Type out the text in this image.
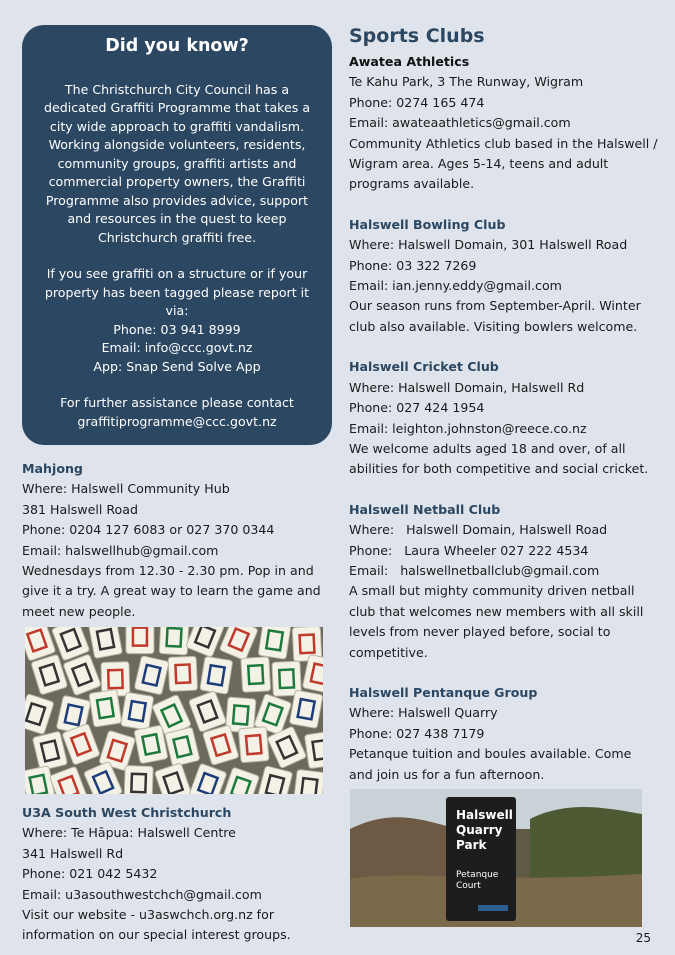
Did you know?

The Christchurch City Council has a dedicated Graffiti Programme that takes a city wide approach to graffiti vandalism. Working alongside volunteers, residents, community groups, graffiti artists and commercial property owners, the Graffiti Programme also provides advice, support and resources in the quest to keep Christchurch graffiti free.

If you see graffiti on a structure or if your property has been tagged please report it via:

Phone: 03 941 8999

Email: info@ccc.govt.nz

App: Snap Send Solve App

For further assistance please contact graffitiprogramme@ccc.govt.nz

Mahjong
Where: Halswell Community Hub
381 Halswell Road
Phone: 0204 127 6083 or 027 370 0344
Email: halswellhub@gmail.com
Wednesdays from 12.30 - 2.30 pm. Pop in and give it a try. A great way to learn the game and meet new people.
U3A South West Christchurch
Where: Te Hāpua: Halswell Centre
341 Halswell Rd
Phone: 021 042 5432
Email: u3asouthwestchch@gmail.com
Visit our website - u3aswchch.org.nz for information on our special interest groups.
Sports Clubs
Awatea Athletics
Te Kahu Park, 3 The Runway, Wigram
Phone: 0274 165 474
Email: awateaathletics@gmail.com
Community Athletics club based in the Halswell / Wigram area. Ages 5-14, teens and adult programs available.
Halswell Bowling Club
Where: Halswell Domain, 301 Halswell Road
Phone: 03 322 7269
Email: ian.jenny.eddy@gmail.com
Our season runs from September-April. Winter club also available. Visiting bowlers welcome.
Halswell Cricket Club
Where: Halswell Domain, Halswell Rd
Phone: 027 424 1954
Email: leighton.johnston@reece.co.nz
We welcome adults aged 18 and over, of all abilities for both competitive and social cricket.
Halswell Netball Club
Where:   Halswell Domain, Halswell Road
Phone:   Laura Wheeler 027 222 4534
Email:   halswellnetballclub@gmail.com
A small but mighty community driven netball club that welcomes new members with all skill levels from never played before, social to competitive.
Halswell Pentanque Group
Where: Halswell Quarry
Phone: 027 438 7179
Petanque tuition and boules available. Come and join us for a fun afternoon.
Halswell
Quarry
Park
Petanque
Court
25
